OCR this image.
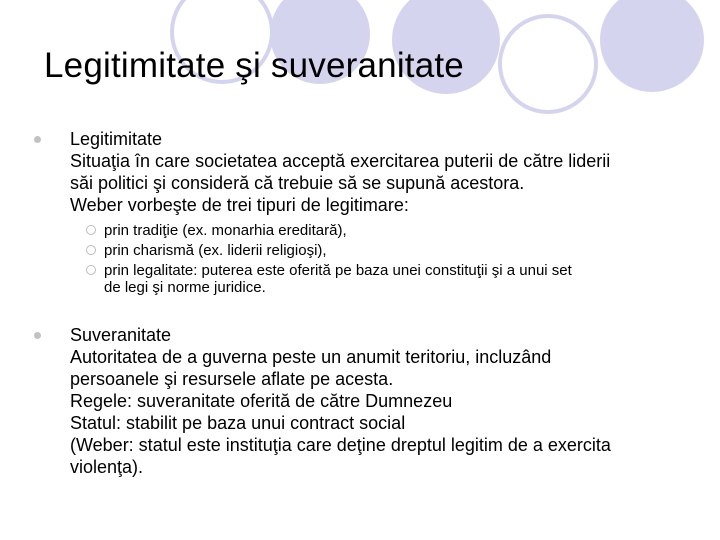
Legitimitate şi suveranitate
Legitimitate
Situaţia în care societatea acceptă exercitarea puterii de către liderii
săi politici şi consideră că trebuie să se supună acestora.
Weber vorbeşte de trei tipuri de legitimare:
prin tradiţie (ex. monarhia ereditară),
prin charismă (ex. liderii religioşi),
prin legalitate: puterea este oferită pe baza unei constituţii şi a unui set
de legi şi norme juridice.
Suveranitate
Autoritatea de a guverna peste un anumit teritoriu, incluzând
persoanele şi resursele aflate pe acesta.
Regele: suveranitate oferită de către Dumnezeu
Statul: stabilit pe baza unui contract social
(Weber: statul este instituţia care deţine dreptul legitim de a exercita
violenţa).
